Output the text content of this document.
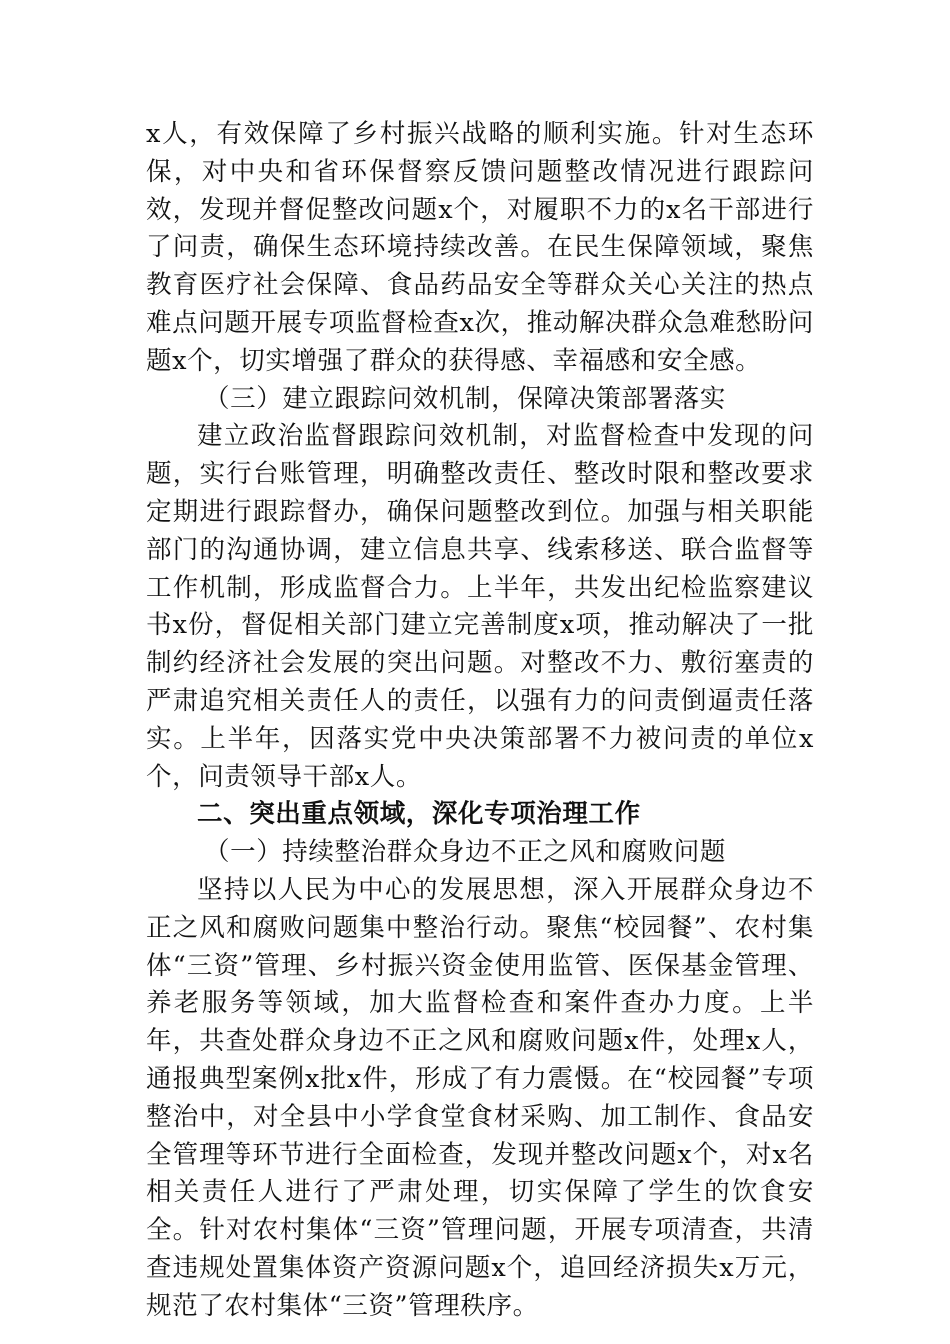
x人，有效保障了乡村振兴战略的顺利实施。针对生态环保，对中央和省环保督察反馈问题整改情况进行跟踪问效，发现并督促整改问题x个，对履职不力的x名干部进行了问责，确保生态环境持续改善。在民生保障领域，聚焦教育医疗社会保障、食品药品安全等群众关心关注的热点难点问题开展专项监督检查x次，推动解决群众急难愁盼问题x个，切实增强了群众的获得感、幸福感和安全感。

（三）建立跟踪问效机制，保障决策部署落实

建立政治监督跟踪问效机制，对监督检查中发现的问题，实行台账管理，明确整改责任、整改时限和整改要求定期进行跟踪督办，确保问题整改到位。加强与相关职能部门的沟通协调，建立信息共享、线索移送、联合监督等工作机制，形成监督合力。上半年，共发出纪检监察建议书x份，督促相关部门建立完善制度x项，推动解决了一批制约经济社会发展的突出问题。对整改不力、敷衍塞责的严肃追究相关责任人的责任，以强有力的问责倒逼责任落实。上半年，因落实党中央决策部署不力被问责的单位x个，问责领导干部x人。

二、突出重点领域，深化专项治理工作

（一）持续整治群众身边不正之风和腐败问题

坚持以人民为中心的发展思想，深入开展群众身边不正之风和腐败问题集中整治行动。聚焦“校园餐”、农村集体“三资”管理、乡村振兴资金使用监管、医保基金管理、养老服务等领域，加大监督检查和案件查办力度。上半年，共查处群众身边不正之风和腐败问题x件，处理x人，通报典型案例x批x件，形成了有力震慑。在“校园餐”专项整治中，对全县中小学食堂食材采购、加工制作、食品安全管理等环节进行全面检查，发现并整改问题x个，对x名相关责任人进行了严肃处理，切实保障了学生的饮食安全。针对农村集体“三资”管理问题，开展专项清查，共清查违规处置集体资产资源问题x个，追回经济损失x万元，规范了农村集体“三资”管理秩序。
